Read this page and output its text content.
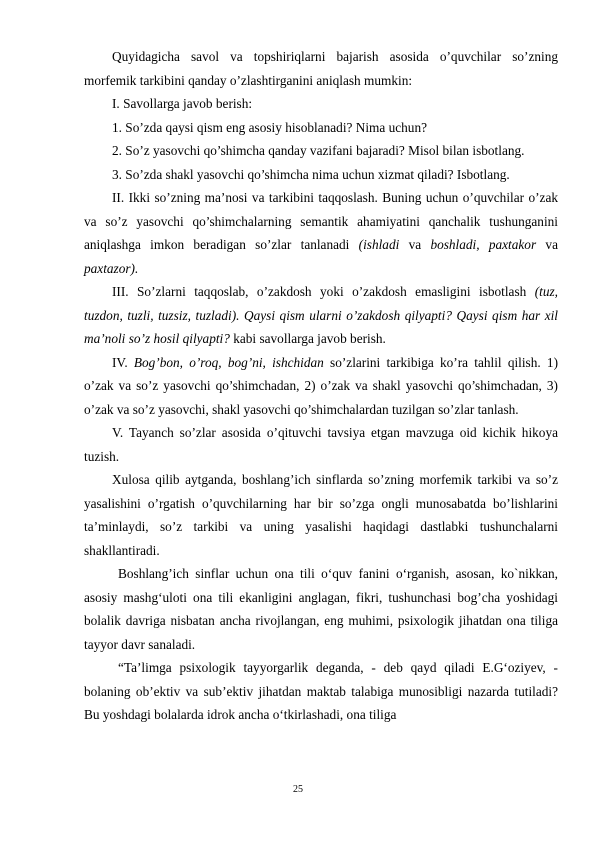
Quyidagicha savol va topshiriqlarni bajarish asosida o’quvchilar so’zning morfemik tarkibini qanday o’zlashtirganini aniqlash mumkin:

I. Savollarga javob berish:

1. So’zda qaysi qism eng asosiy hisoblanadi? Nima uchun?

2. So’z yasovchi qo’shimcha qanday vazifani bajaradi? Misol bilan isbotlang.

3. So’zda shakl yasovchi qo’shimcha nima uchun xizmat qiladi? Isbotlang.

II. Ikki so’zning ma’nosi va tarkibini taqqoslash. Buning uchun o’quvchilar o’zak va so’z yasovchi qo’shimchalarning semantik ahamiyatini qanchalik tushunganini aniqlashga imkon beradigan so’zlar tanlanadi (ishladi va boshladi, paxtakor va paxtazor).

III. So’zlarni taqqoslab, o’zakdosh yoki o’zakdosh emasligini isbotlash (tuz, tuzdon, tuzli, tuzsiz, tuzladi). Qaysi qism ularni o’zakdosh qilyapti? Qaysi qism har xil ma’noli so’z hosil qilyapti? kabi savollarga javob berish.

IV. Bog’bon, o’roq, bog’ni, ishchidan so’zlarini tarkibiga ko’ra tahlil qilish. 1) o’zak va so’z yasovchi qo’shimchadan, 2) o’zak va shakl yasovchi qo’shimchadan, 3) o’zak va so’z yasovchi, shakl yasovchi qo’shimchalardan tuzilgan so’zlar tanlash.

V. Tayanch so’zlar asosida o’qituvchi tavsiya etgan mavzuga oid kichik hikoya tuzish.

Xulosa qilib aytganda, boshlang’ich sinflarda so’zning morfemik tarkibi va so’z yasalishini o’rgatish o’quvchilarning har bir so’zga ongli munosabatda bo’lishlarini ta’minlaydi, so’z tarkibi va uning yasalishi haqidagi dastlabki tushunchalarni shakllantiradi.

Boshlang’ich sinflar uchun ona tili o‘quv fanini o‘rganish, asosan, ko`nikkan, asosiy mashg‘uloti ona tili ekanligini anglagan, fikri, tushunchasi bog’cha yoshidagi bolalik davriga nisbatan ancha rivojlangan, eng muhimi, psixologik jihatdan ona tiliga tayyor davr sanaladi.

“Ta’limga psixologik tayyorgarlik deganda, - deb qayd qiladi E.G‘oziyev, - bolaning ob’ektiv va sub’ektiv jihatdan maktab talabiga munosibligi nazarda tutiladi? Bu yoshdagi bolalarda idrok ancha o‘tkirlashadi, ona tiliga

25
